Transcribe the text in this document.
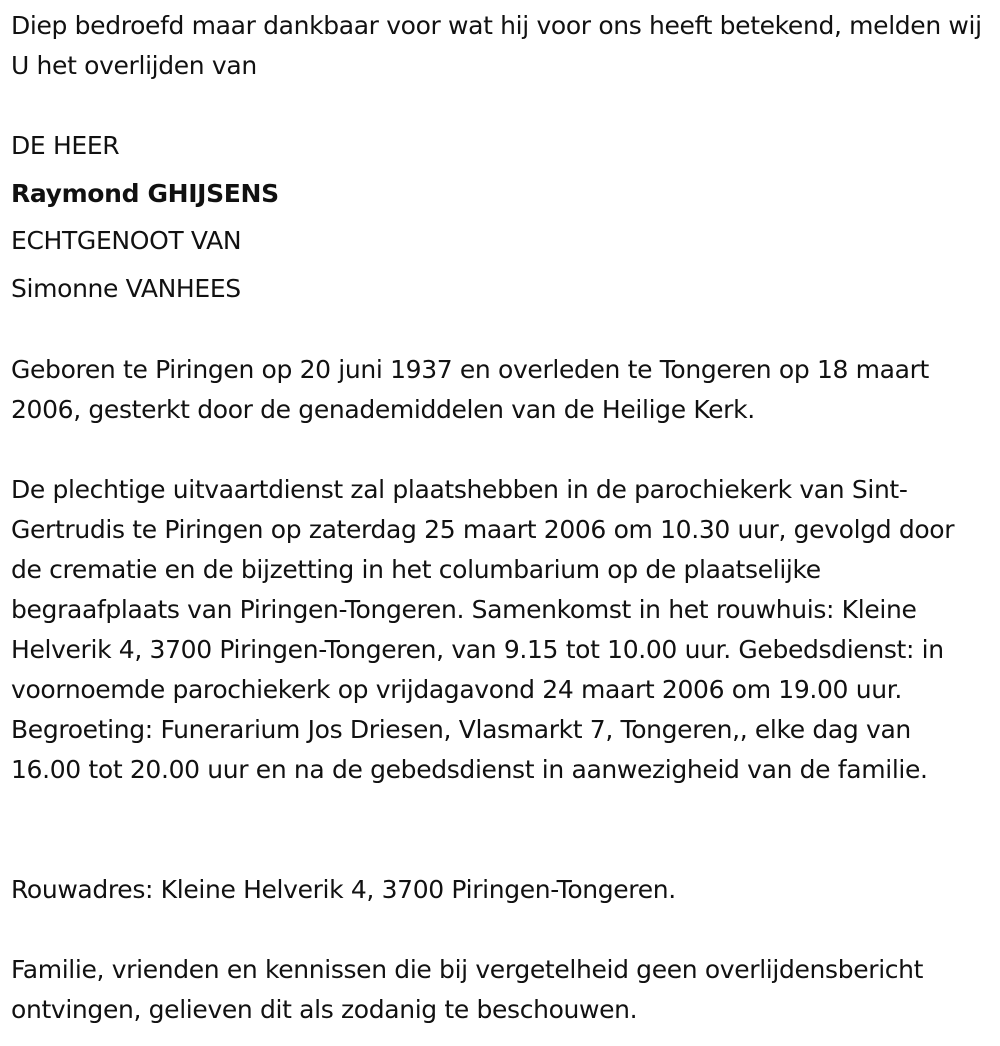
Diep bedroefd maar dankbaar voor wat hij voor ons heeft betekend, melden wij U het overlijden van

DE HEER
Raymond GHIJSENS
ECHTGENOOT VAN
Simonne VANHEES

Geboren te Piringen op 20 juni 1937 en overleden te Tongeren op 18 maart 2006, gesterkt door de genademiddelen van de Heilige Kerk.

De plechtige uitvaartdienst zal plaatshebben in de parochiekerk van Sint-Gertrudis te Piringen op zaterdag 25 maart 2006 om 10.30 uur, gevolgd door de crematie en de bijzetting in het columbarium op de plaatselijke begraafplaats van Piringen-Tongeren. Samenkomst in het rouwhuis: Kleine Helverik 4, 3700 Piringen-Tongeren, van 9.15 tot 10.00 uur. Gebedsdienst: in voornoemde parochiekerk op vrijdagavond 24 maart 2006 om 19.00 uur. Begroeting: Funerarium Jos Driesen, Vlasmarkt 7, Tongeren,, elke dag van 16.00 tot 20.00 uur en na de gebedsdienst in aanwezigheid van de familie.

Rouwadres: Kleine Helverik 4, 3700 Piringen-Tongeren.

Familie, vrienden en kennissen die bij vergetelheid geen overlijdensbericht ontvingen, gelieven dit als zodanig te beschouwen.
